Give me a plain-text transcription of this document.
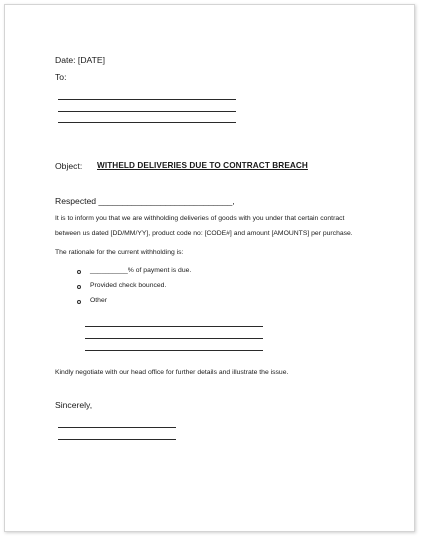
Date: [DATE]
To:
Object: WITHELD DELIVERIES DUE TO CONTRACT BREACH
Respected ____________________________,
It is to inform you that we are withholding deliveries of goods with you under that certain contract
between us dated [DD/MM/YY], product code no: [CODE#] and amount [AMOUNTS] per purchase.
The rationale for the current withholding is:
__________% of payment is due.
Provided check bounced.
Other
Kindly negotiate with our head office for further details and illustrate the issue.
Sincerely,
